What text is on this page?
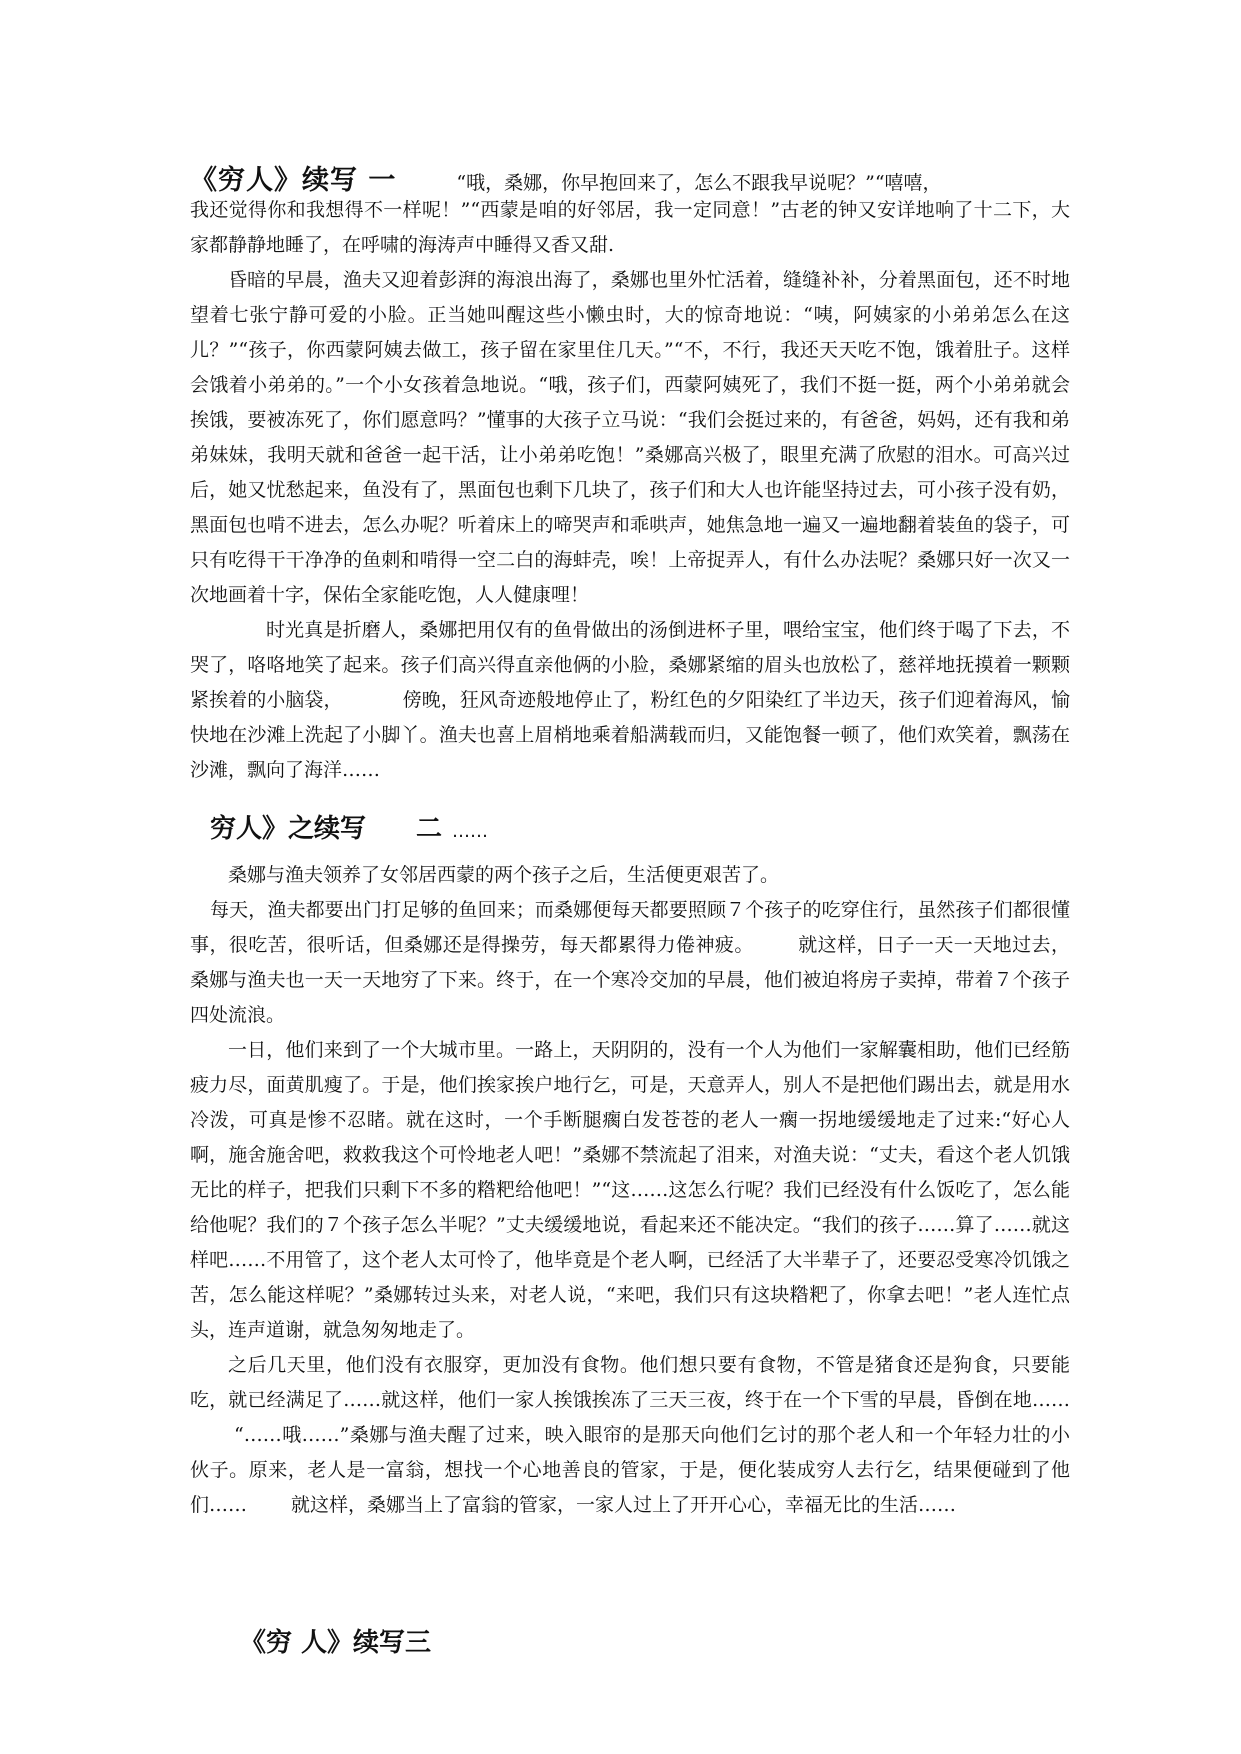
《穷人》续写 一	“哦，桑娜，你早抱回来了，怎么不跟我早说呢？”“嘻嘻，

我还觉得你和我想得不一样呢！”“西蒙是咱的好邻居，我一定同意！”古老的钟又安详地响了十二下，大家都静静地睡了，在呼啸的海涛声中睡得又香又甜.

昏暗的早晨，渔夫又迎着彭湃的海浪出海了，桑娜也里外忙活着，缝缝补补，分着黑面包，还不时地望着七张宁静可爱的小脸。正当她叫醒这些小懒虫时，大的惊奇地说：“咦，阿姨家的小弟弟怎么在这儿？”“孩子，你西蒙阿姨去做工，孩子留在家里住几天。”“不，不行，我还天天吃不饱，饿着肚子。这样会饿着小弟弟的。”一个小女孩着急地说。“哦，孩子们，西蒙阿姨死了，我们不挺一挺，两个小弟弟就会挨饿，要被冻死了，你们愿意吗？”懂事的大孩子立马说：“我们会挺过来的，有爸爸，妈妈，还有我和弟弟妹妹，我明天就和爸爸一起干活，让小弟弟吃饱！”桑娜高兴极了，眼里充满了欣慰的泪水。可高兴过后，她又忧愁起来，鱼没有了，黑面包也剩下几块了，孩子们和大人也许能坚持过去，可小孩子没有奶，黑面包也啃不进去，怎么办呢？听着床上的啼哭声和乖哄声，她焦急地一遍又一遍地翻着装鱼的袋子，可只有吃得干干净净的鱼刺和啃得一空二白的海蚌壳，唉！上帝捉弄人，有什么办法呢？桑娜只好一次又一次地画着十字，保佑全家能吃饱，人人健康哩！

时光真是折磨人，桑娜把用仅有的鱼骨做出的汤倒进杯子里，喂给宝宝，他们终于喝了下去，不哭了，咯咯地笑了起来。孩子们高兴得直亲他俩的小脸，桑娜紧缩的眉头也放松了，慈祥地抚摸着一颗颗紧挨着的小脑袋，	傍晚，狂风奇迹般地停止了，粉红色的夕阳染红了半边天，孩子们迎着海风，愉快地在沙滩上洗起了小脚丫。渔夫也喜上眉梢地乘着船满载而归，又能饱餐一顿了，他们欢笑着，飘荡在沙滩，飘向了海洋……

穷人》之续写 二 ……

桑娜与渔夫领养了女邻居西蒙的两个孩子之后，生活便更艰苦了。

每天，渔夫都要出门打足够的鱼回来；而桑娜便每天都要照顾７个孩子的吃穿住行，虽然孩子们都很懂事，很吃苦，很听话，但桑娜还是得操劳，每天都累得力倦神疲。 就这样，日子一天一天地过去，桑娜与渔夫也一天一天地穷了下来。终于，在一个寒冷交加的早晨，他们被迫将房子卖掉，带着７个孩子四处流浪。

一日，他们来到了一个大城市里。一路上，天阴阴的，没有一个人为他们一家解囊相助，他们已经筋疲力尽，面黄肌瘦了。于是，他们挨家挨户地行乞，可是，天意弄人，别人不是把他们踢出去，就是用水冷泼，可真是惨不忍睹。就在这时，一个手断腿瘸白发苍苍的老人一瘸一拐地缓缓地走了过来:“好心人啊，施舍施舍吧，救救我这个可怜地老人吧！”桑娜不禁流起了泪来，对渔夫说：“丈夫，看这个老人饥饿无比的样子，把我们只剩下不多的糌粑给他吧！”“这……这怎么行呢？我们已经没有什么饭吃了，怎么能给他呢？我们的７个孩子怎么半呢？”丈夫缓缓地说，看起来还不能决定。“我们的孩子……算了……就这样吧……不用管了，这个老人太可怜了，他毕竟是个老人啊，已经活了大半辈子了，还要忍受寒冷饥饿之苦，怎么能这样呢？”桑娜转过头来，对老人说，“来吧，我们只有这块糌粑了，你拿去吧！”老人连忙点头，连声道谢，就急匆匆地走了。

之后几天里，他们没有衣服穿，更加没有食物。他们想只要有食物，不管是猪食还是狗食，只要能吃，就已经满足了……就这样，他们一家人挨饿挨冻了三天三夜，终于在一个下雪的早晨，昏倒在地……“……哦……”桑娜与渔夫醒了过来，映入眼帘的是那天向他们乞讨的那个老人和一个年轻力壮的小伙子。原来，老人是一富翁，想找一个心地善良的管家，于是，便化装成穷人去行乞，结果便碰到了他们…… 就这样，桑娜当上了富翁的管家，一家人过上了开开心心，幸福无比的生活……

《穷 人》续写三
